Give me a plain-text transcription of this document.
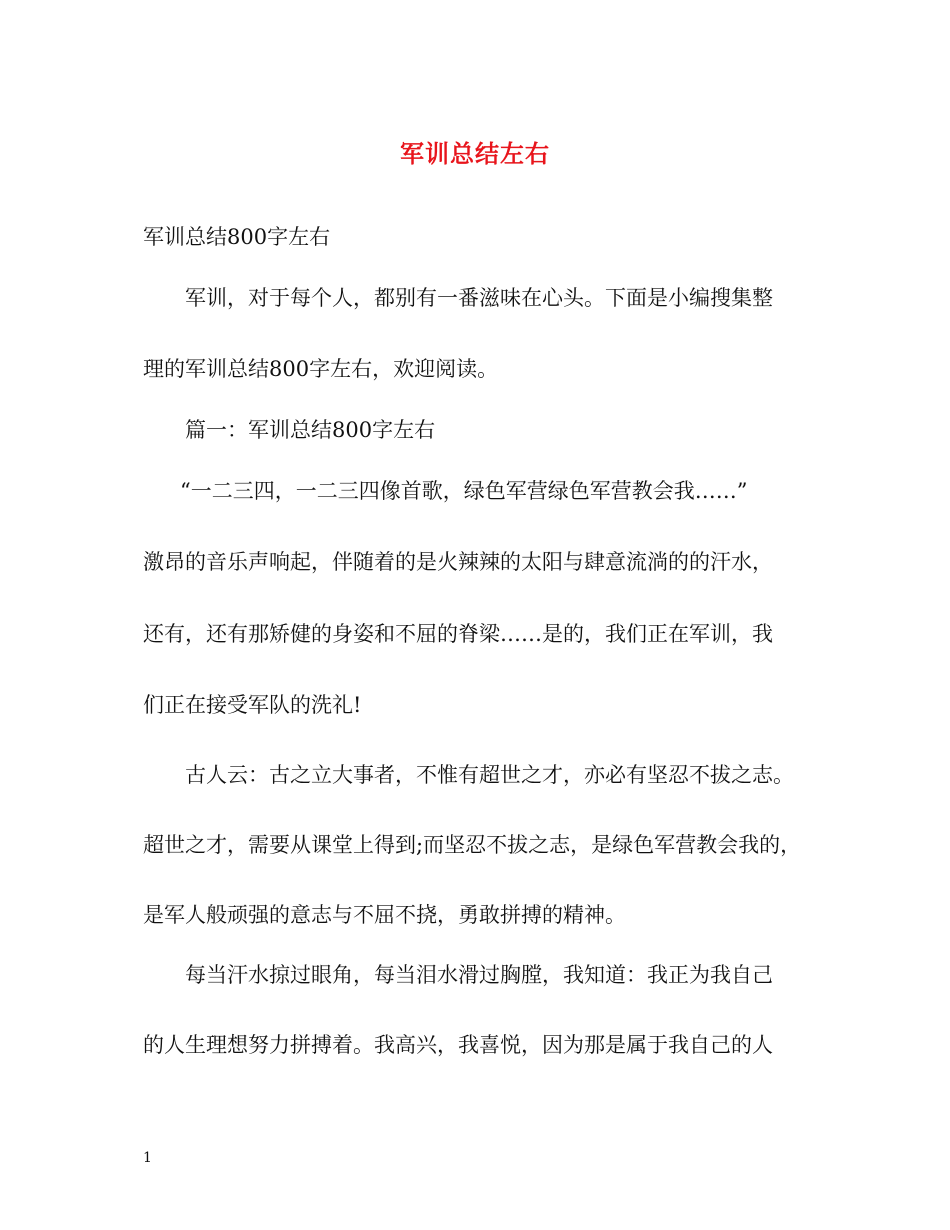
军训总结左右
军训总结800字左右
军训，对于每个人，都别有一番滋味在心头。下面是小编搜集整
理的军训总结800字左右，欢迎阅读。
篇一：军训总结800字左右
“一二三四，一二三四像首歌，绿色军营绿色军营教会我……”
激昂的音乐声响起，伴随着的是火辣辣的太阳与肆意流淌的的汗水，
还有，还有那矫健的身姿和不屈的脊梁……是的，我们正在军训，我
们正在接受军队的洗礼!
古人云：古之立大事者，不惟有超世之才，亦必有坚忍不拔之志。
超世之才，需要从课堂上得到;而坚忍不拔之志，是绿色军营教会我的，
是军人般顽强的意志与不屈不挠，勇敢拼搏的精神。
每当汗水掠过眼角，每当泪水滑过胸膛，我知道：我正为我自己
的人生理想努力拼搏着。我高兴，我喜悦，因为那是属于我自己的人
1
